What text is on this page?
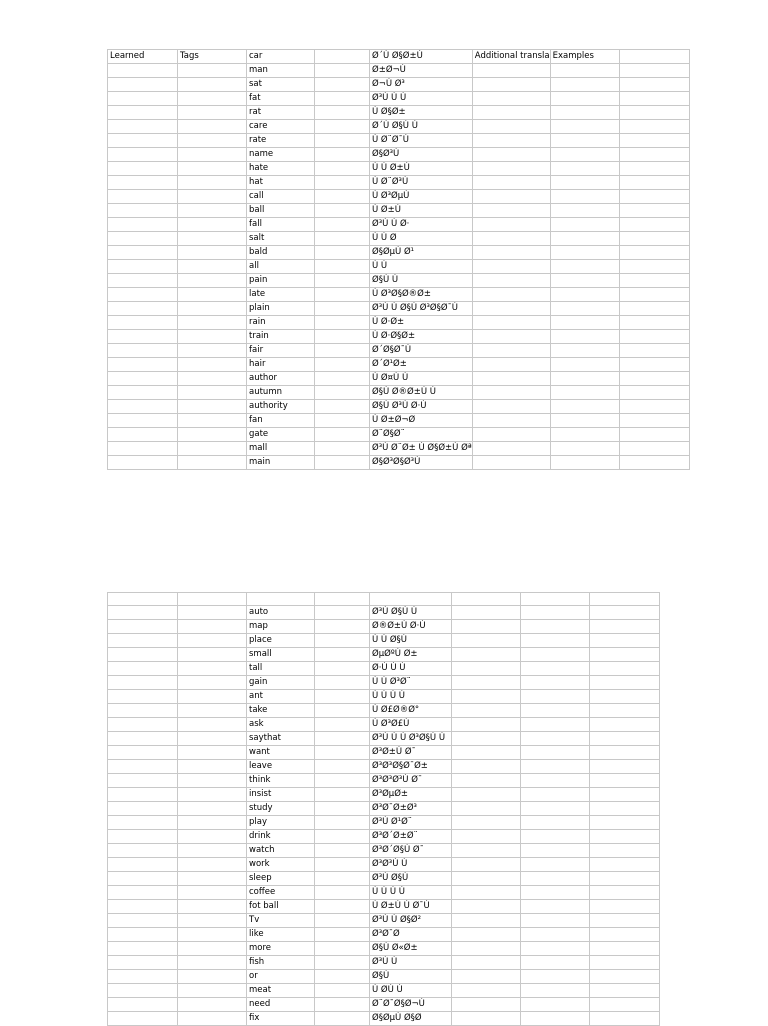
Learned	Tags	car		Ø´Ù Ø§Ø±Ù	Additional transla	Examples	
		man		Ø±Ø¬Ù			
		sat		Ø¬Ù Ø³			
		fat		Ø³Ù Ù Ù			
		rat		Ù Ø§Ø±			
		care		Ø´Ù Ø§Ù Ù			
		rate		Ù Ø¨Ø¯Ù			
		name		Ø§Ø³Ù			
		hate		Ù Ù Ø±Ù			
		hat		Ù Ø¨Ø³Ù			
		call		Ù Ø³ØµÙ			
		ball		Ù Ø±Ù			
		fall		Ø³Ù Ù Ø·			
		salt		Ù Ù Ø			
		bald		Ø§ØµÙ Ø¹			
		all		Ù Ù			
		pain		Ø§Ù Ù			
		late		Ù Ø³Ø§Ø®Ø±			
		plain		Ø³Ù Ù Ø§Ù Ø³Ø§Ø¯Ù			
		rain		Ù Ø·Ø±			
		train		Ù Ø·Ø§Ø±			
		fair		Ø´Ø§Ø¯Ù			
		hair		Ø´Ø¹Ø±			
		author		Ù Ø¤Ù Ù			
		autumn		Ø§Ù Ø®Ø±Ù Ù			
		authority		Ø§Ù Ø³Ù Ø·Ù			
		fan		Ù Ø±Ø¬Ø			
		gate		Ø¨Ø§Ø¨			
		mall		Ø³Ù Ø¨Ø± Ù Ø§Ø±Ù Øª			
		main		Ø§Ø³Ø§Ø³Ù			

		auto		Ø³Ù Ø§Ù Ù			
		map		Ø®Ø±Ù Ø·Ù			
		place		Ù Ù Ø§Ù			
		small		ØµØºÙ Ø±			
		tall		Ø·Ù Ù Ù			
		gain		Ù Ù Ø³Ø¨			
		ant		Ù Ù Ù Ù			
		take		Ù Ø£Ø®Ø°			
		ask		Ù Ø³Ø£Ù			
		saythat		Ø³Ù Ù Ù Ø³Ø§Ù Ù			
		want		Ø³Ø±Ù Ø¯			
		leave		Ø³Ø³Ø§Ø¯Ø±			
		think		Ø³Ø³Ø³Ù Ø¯			
		insist		Ø³ØµØ±			
		study		Ø³Ø¯Ø±Ø³			
		play		Ø³Ù Ø¹Ø¨			
		drink		Ø³Ø´Ø±Ø¨			
		watch		Ø³Ø´Ø§Ù Ø¯			
		work		Ø³Ø³Ù Ù			
		sleep		Ø³Ù Ø§Ù			
		coffee		Ù Ù Ù Ù			
		fot ball		Ù Ø±Ù Ù Ø¯Ù			
		Tv		Ø³Ù Ù Ø§Ø²			
		like		Ø³Ø¯Ø			
		more		Ø§Ù Ø«Ø±			
		fish		Ø³Ù Ù			
		or		Ø§Ù			
		meat		Ù ØÙ Ù			
		need		Ø¨Ø¯Ø§Ø¬Ù			
		fix		Ø§ØµÙ Ø§Ø			
